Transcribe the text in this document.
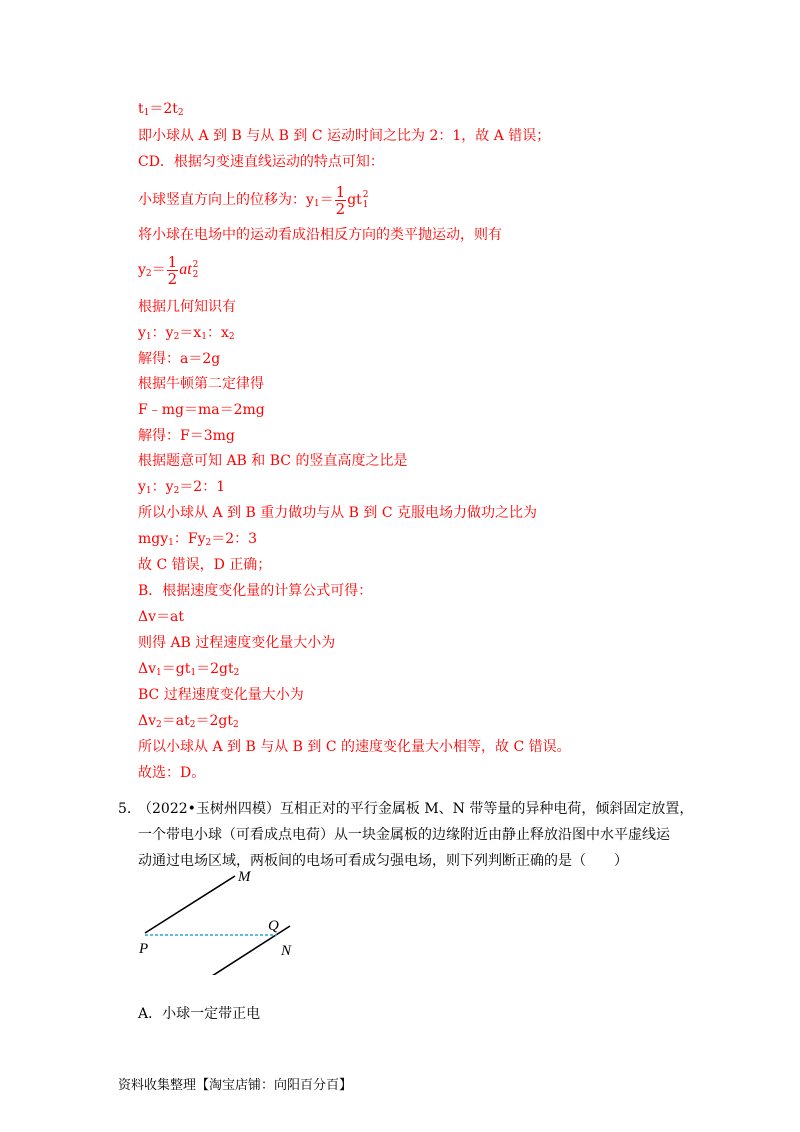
$t_1=2t_2$
即小球从 A 到 B 与从 B 到 C 运动时间之比为 2：1，故 A 错误；
CD．根据匀变速直线运动的特点可知：
小球竖直方向上的位移为：$y_1= \frac{1}{2}$ gt 2
1
将小球在电场中的运动看成沿相反方向的类平抛运动，则有
$y_2= \frac{1}{2}$ at 2
2
根据几何知识有
$y_1$：$y_2=x_1$：$x_2$
解得：a＝2g
根据牛顿第二定律得
F﹣mg＝ma＝2mg
解得：F＝3mg
根据题意可知 AB 和 BC 的竖直高度之比是
$y_1$：$y_2=2$：1
所以小球从 A 到 B 重力做功与从 B 到 C 克服电场力做功之比为
mgy$_1$：$Fy_2=2$：3
故 C 错误，D 正确；
B．根据速度变化量的计算公式可得：
Δv＝at
则得 AB 过程速度变化量大小为
$\Delta v_1=gt_1=2gt_2$
BC 过程速度变化量大小为
$\Delta v_2=at_2=2gt_2$
所以小球从 A 到 B 与从 B 到 C 的速度变化量大小相等，故 C 错误。
故选：D。
5. （2022•玉树州四模）互相正对的平行金属板 M、N 带等量的异种电荷，倾斜固定放置，
一个带电小球（可看成点电荷）从一块金属板的边缘附近由静止释放沿图中水平虚线运
动通过电场区域，两板间的电场可看成匀强电场，则下列判断正确的是（　　）
M
Q
P	N
A．小球一定带正电
资料收集整理【淘宝店铺：向阳百分百】
